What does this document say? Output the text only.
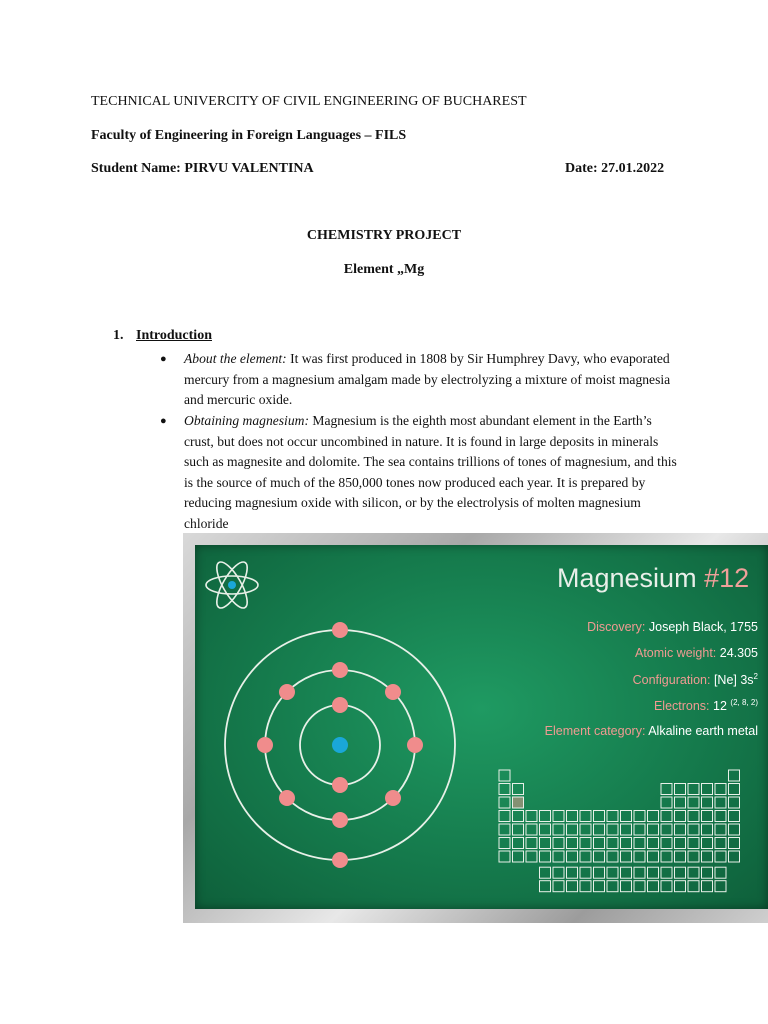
TECHNICAL UNIVERCITY OF CIVIL ENGINEERING OF BUCHAREST
Faculty of Engineering in Foreign Languages – FILS
Student Name: PIRVU VALENTINA	Date: 27.01.2022
CHEMISTRY PROJECT
Element „Mg
1. Introduction
● About the element: It was first produced in 1808 by Sir Humphrey Davy, who evaporated mercury from a magnesium amalgam made by electrolyzing a mixture of moist magnesia and mercuric oxide.
● Obtaining magnesium: Magnesium is the eighth most abundant element in the Earth’s crust, but does not occur uncombined in nature. It is found in large deposits in minerals such as magnesite and dolomite. The sea contains trillions of tones of magnesium, and this is the source of much of the 850,000 tones now produced each year. It is prepared by reducing magnesium oxide with silicon, or by the electrolysis of molten magnesium chloride
Magnesium #12
Discovery: Joseph Black, 1755
Atomic weight: 24.305
Configuration: [Ne] $3s^2$
Electrons: 12 $^{(2, 8, 2)}$
Element category: Alkaline earth metal
